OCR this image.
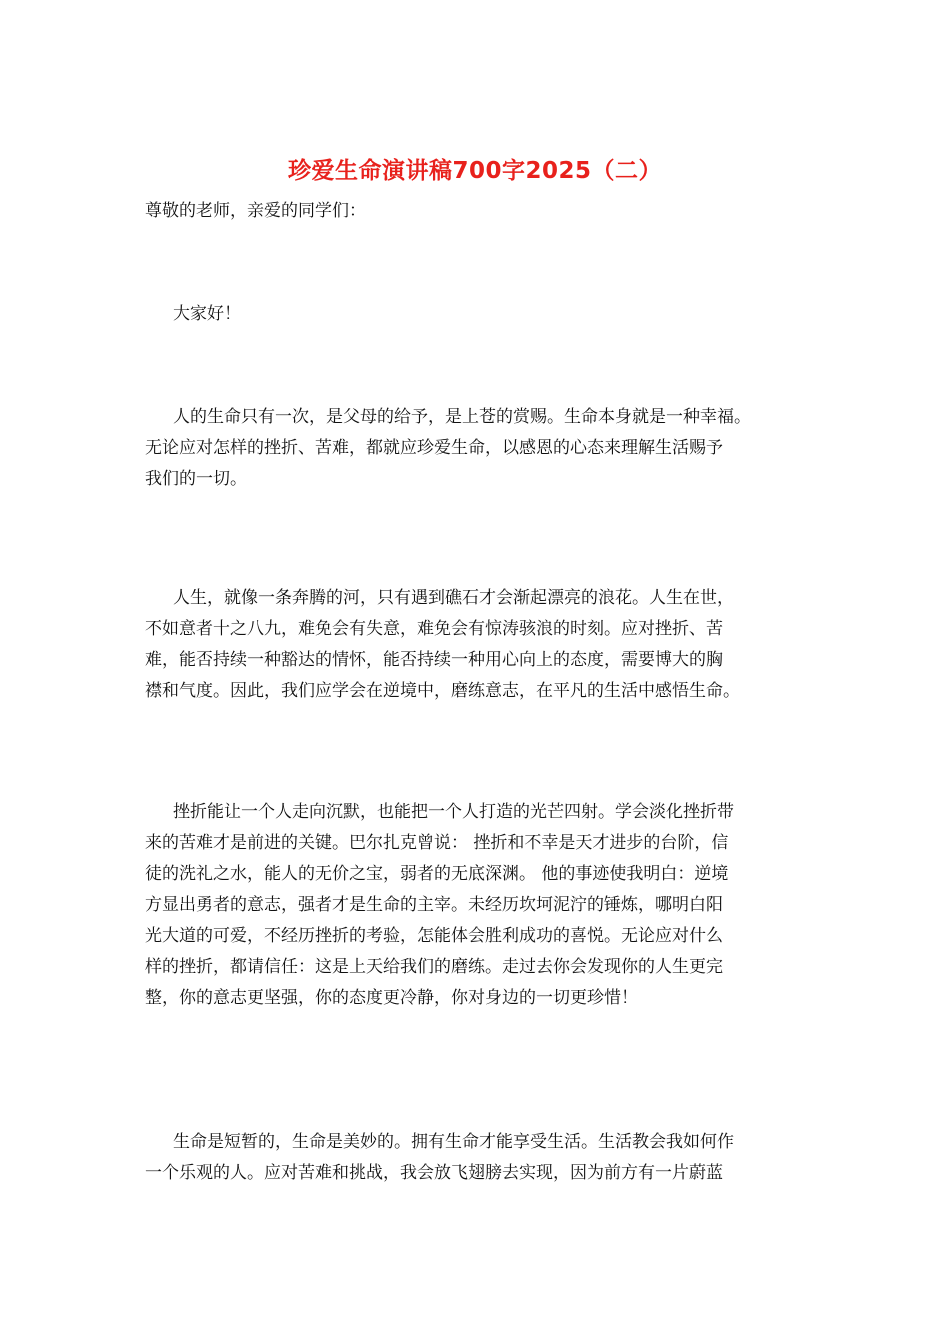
珍爱生命演讲稿700字2025（二）
尊敬的老师，亲爱的同学们：
大家好！
人的生命只有一次，是父母的给予，是上苍的赏赐。生命本身就是一种幸福。
无论应对怎样的挫折、苦难，都就应珍爱生命，以感恩的心态来理解生活赐予
我们的一切。
人生，就像一条奔腾的河，只有遇到礁石才会渐起漂亮的浪花。人生在世，
不如意者十之八九，难免会有失意，难免会有惊涛骇浪的时刻。应对挫折、苦
难，能否持续一种豁达的情怀，能否持续一种用心向上的态度，需要博大的胸
襟和气度。因此，我们应学会在逆境中，磨练意志，在平凡的生活中感悟生命。
挫折能让一个人走向沉默，也能把一个人打造的光芒四射。学会淡化挫折带
来的苦难才是前进的关键。巴尔扎克曾说： 挫折和不幸是天才进步的台阶，信
徒的洗礼之水，能人的无价之宝，弱者的无底深渊。 他的事迹使我明白：逆境
方显出勇者的意志，强者才是生命的主宰。未经历坎坷泥泞的锤炼，哪明白阳
光大道的可爱，不经历挫折的考验，怎能体会胜利成功的喜悦。无论应对什么
样的挫折，都请信任：这是上天给我们的磨练。走过去你会发现你的人生更完
整，你的意志更坚强，你的态度更冷静，你对身边的一切更珍惜！
生命是短暂的，生命是美妙的。拥有生命才能享受生活。生活教会我如何作
一个乐观的人。应对苦难和挑战，我会放飞翅膀去实现，因为前方有一片蔚蓝
